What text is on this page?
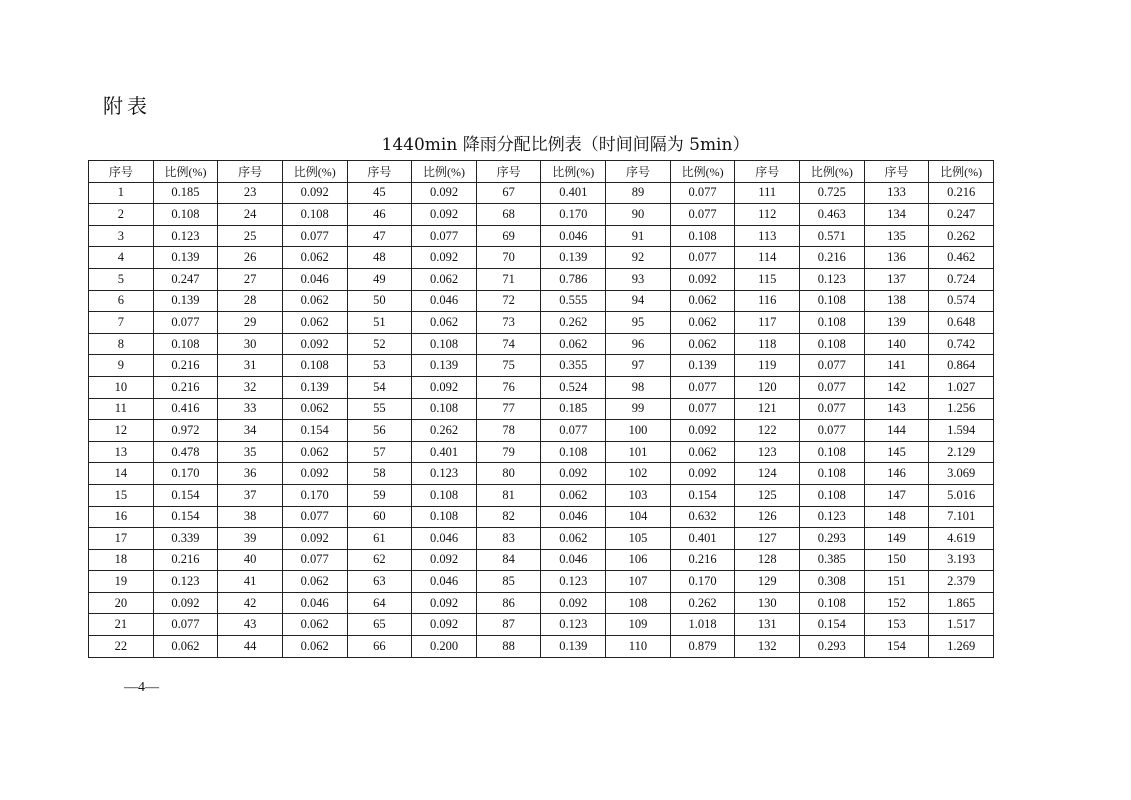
附表
1440min 降雨分配比例表（时间间隔为 5min）
序号	比例(%)	序号	比例(%)	序号	比例(%)	序号	比例(%)	序号	比例(%)	序号	比例(%)	序号	比例(%)
1	0.185	23	0.092	45	0.092	67	0.401	89	0.077	111	0.725	133	0.216
2	0.108	24	0.108	46	0.092	68	0.170	90	0.077	112	0.463	134	0.247
3	0.123	25	0.077	47	0.077	69	0.046	91	0.108	113	0.571	135	0.262
4	0.139	26	0.062	48	0.092	70	0.139	92	0.077	114	0.216	136	0.462
5	0.247	27	0.046	49	0.062	71	0.786	93	0.092	115	0.123	137	0.724
6	0.139	28	0.062	50	0.046	72	0.555	94	0.062	116	0.108	138	0.574
7	0.077	29	0.062	51	0.062	73	0.262	95	0.062	117	0.108	139	0.648
8	0.108	30	0.092	52	0.108	74	0.062	96	0.062	118	0.108	140	0.742
9	0.216	31	0.108	53	0.139	75	0.355	97	0.139	119	0.077	141	0.864
10	0.216	32	0.139	54	0.092	76	0.524	98	0.077	120	0.077	142	1.027
11	0.416	33	0.062	55	0.108	77	0.185	99	0.077	121	0.077	143	1.256
12	0.972	34	0.154	56	0.262	78	0.077	100	0.092	122	0.077	144	1.594
13	0.478	35	0.062	57	0.401	79	0.108	101	0.062	123	0.108	145	2.129
14	0.170	36	0.092	58	0.123	80	0.092	102	0.092	124	0.108	146	3.069
15	0.154	37	0.170	59	0.108	81	0.062	103	0.154	125	0.108	147	5.016
16	0.154	38	0.077	60	0.108	82	0.046	104	0.632	126	0.123	148	7.101
17	0.339	39	0.092	61	0.046	83	0.062	105	0.401	127	0.293	149	4.619
18	0.216	40	0.077	62	0.092	84	0.046	106	0.216	128	0.385	150	3.193
19	0.123	41	0.062	63	0.046	85	0.123	107	0.170	129	0.308	151	2.379
20	0.092	42	0.046	64	0.092	86	0.092	108	0.262	130	0.108	152	1.865
21	0.077	43	0.062	65	0.092	87	0.123	109	1.018	131	0.154	153	1.517
22	0.062	44	0.062	66	0.200	88	0.139	110	0.879	132	0.293	154	1.269
—4—
